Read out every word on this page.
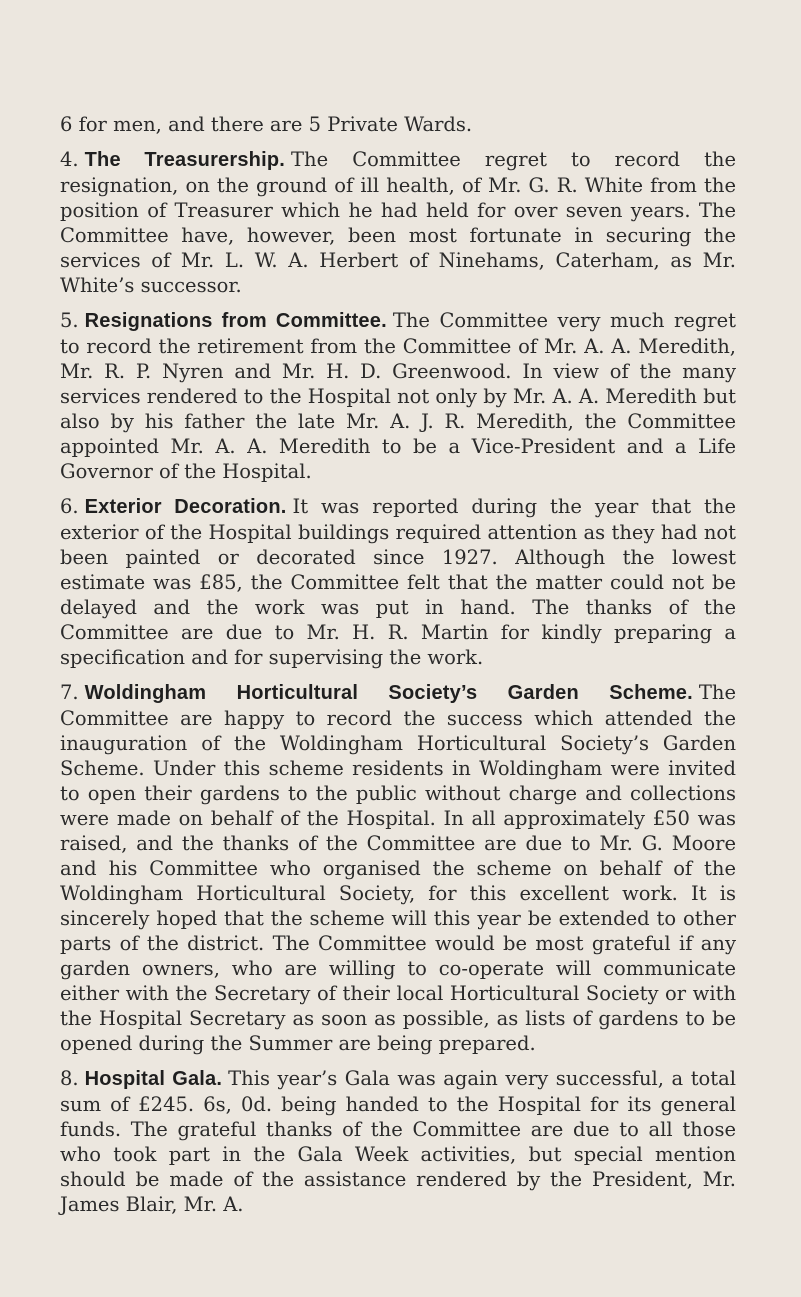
6 for men, and there are 5 Private Wards.

4. The Treasurership. The Committee regret to record the resignation, on the ground of ill health, of Mr. G. R. White from the position of Treasurer which he had held for over seven years. The Committee have, however, been most fortunate in securing the services of Mr. L. W. A. Herbert of Ninehams, Caterham, as Mr. White’s successor.

5. Resignations from Committee. The Committee very much regret to record the retirement from the Committee of Mr. A. A. Meredith, Mr. R. P. Nyren and Mr. H. D. Greenwood. In view of the many services rendered to the Hospital not only by Mr. A. A. Meredith but also by his father the late Mr. A. J. R. Meredith, the Committee appointed Mr. A. A. Meredith to be a Vice-President and a Life Governor of the Hospital.

6. Exterior Decoration. It was reported during the year that the exterior of the Hospital buildings required attention as they had not been painted or decorated since 1927. Although the lowest estimate was £85, the Committee felt that the matter could not be delayed and the work was put in hand. The thanks of the Committee are due to Mr. H. R. Martin for kindly preparing a specification and for supervising the work.

7. Woldingham Horticultural Society’s Garden Scheme. The Committee are happy to record the success which attended the inauguration of the Woldingham Horticultural Society’s Garden Scheme. Under this scheme residents in Woldingham were invited to open their gardens to the public without charge and collections were made on behalf of the Hospital. In all approximately £50 was raised, and the thanks of the Committee are due to Mr. G. Moore and his Committee who organised the scheme on behalf of the Woldingham Horticultural Society, for this excellent work. It is sincerely hoped that the scheme will this year be extended to other parts of the district. The Committee would be most grateful if any garden owners, who are willing to co-operate will communicate either with the Secretary of their local Horticultural Society or with the Hospital Secretary as soon as possible, as lists of gardens to be opened during the Summer are being prepared.

8. Hospital Gala. This year’s Gala was again very successful, a total sum of £245. 6s, 0d. being handed to the Hospital for its general funds. The grateful thanks of the Committee are due to all those who took part in the Gala Week activities, but special mention should be made of the assistance rendered by the President, Mr. James Blair, Mr. A.
